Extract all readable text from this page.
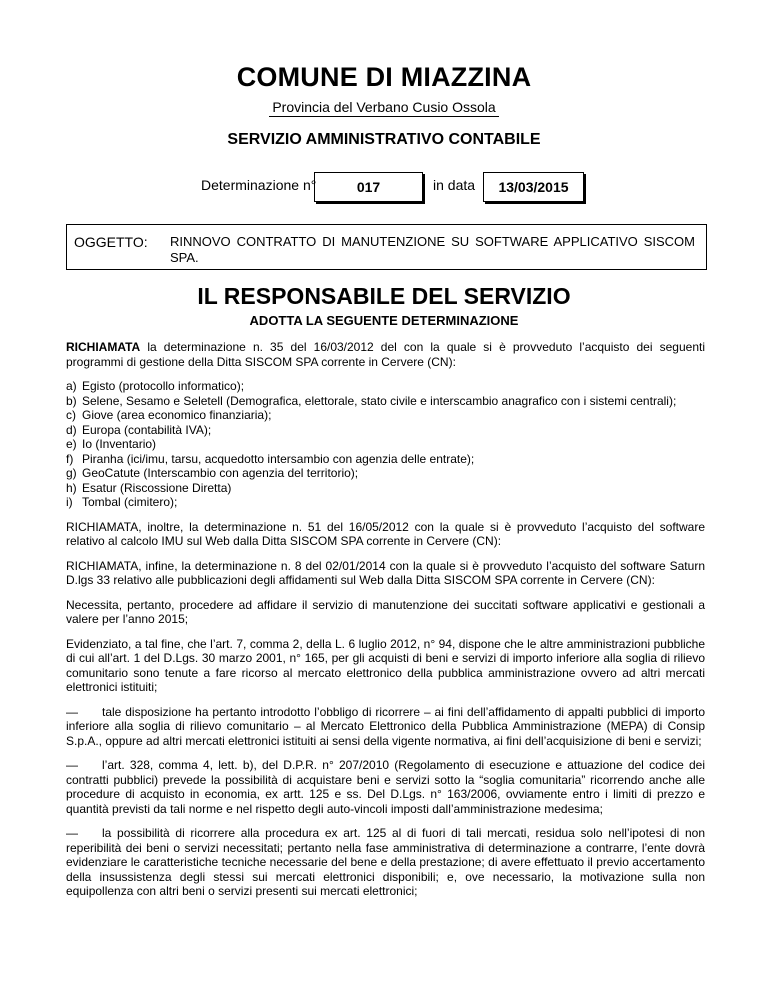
COMUNE DI MIAZZINA
Provincia del Verbano Cusio Ossola
SERVIZIO AMMINISTRATIVO CONTABILE
Determinazione n°	017	in data	13/03/2015
OGGETTO: RINNOVO CONTRATTO DI MANUTENZIONE SU SOFTWARE APPLICATIVO SISCOM SPA.
IL RESPONSABILE DEL SERVIZIO
ADOTTA LA SEGUENTE DETERMINAZIONE

RICHIAMATA la determinazione n. 35 del 16/03/2012 del con la quale si è provveduto l’acquisto dei seguenti programmi di gestione della Ditta SISCOM SPA corrente in Cervere (CN):

a) Egisto (protocollo informatico);
b) Selene, Sesamo e Seletell (Demografica, elettorale, stato civile e interscambio anagrafico con i sistemi centrali);
c) Giove (area economico finanziaria);
d) Europa (contabilità IVA);
e) Io (Inventario)
f) Piranha (ici/imu, tarsu, acquedotto intersambio con agenzia delle entrate);
g) GeoCatute (Interscambio con agenzia del territorio);
h) Esatur (Riscossione Diretta)
i) Tombal (cimitero);

RICHIAMATA, inoltre, la determinazione n. 51 del 16/05/2012 con la quale si è provveduto l’acquisto del software relativo al calcolo IMU sul Web dalla Ditta SISCOM SPA corrente in Cervere (CN):

RICHIAMATA, infine, la determinazione n. 8 del 02/01/2014 con la quale si è provveduto l’acquisto del software Saturn D.lgs 33 relativo alle pubblicazioni degli affidamenti sul Web dalla Ditta SISCOM SPA corrente in Cervere (CN):

Necessita, pertanto, procedere ad affidare il servizio di manutenzione dei succitati software applicativi e gestionali a valere per l’anno 2015;

Evidenziato, a tal fine, che l’art. 7, comma 2, della L. 6 luglio 2012, n° 94, dispone che le altre amministrazioni pubbliche di cui all’art. 1 del D.Lgs. 30 marzo 2001, n° 165, per gli acquisti di beni e servizi di importo inferiore alla soglia di rilievo comunitario sono tenute a fare ricorso al mercato elettronico della pubblica amministrazione ovvero ad altri mercati elettronici istituiti;

— tale disposizione ha pertanto introdotto l’obbligo di ricorrere – ai fini dell’affidamento di appalti pubblici di importo inferiore alla soglia di rilievo comunitario – al Mercato Elettronico della Pubblica Amministrazione (MEPA) di Consip S.p.A., oppure ad altri mercati elettronici istituiti ai sensi della vigente normativa, ai fini dell’acquisizione di beni e servizi;

— l’art. 328, comma 4, lett. b), del D.P.R. n° 207/2010 (Regolamento di esecuzione e attuazione del codice dei contratti pubblici) prevede la possibilità di acquistare beni e servizi sotto la “soglia comunitaria” ricorrendo anche alle procedure di acquisto in economia, ex artt. 125 e ss. Del D.Lgs. n° 163/2006, ovviamente entro i limiti di prezzo e quantità previsti da tali norme e nel rispetto degli auto-vincoli imposti dall’amministrazione medesima;

— la possibilità di ricorrere alla procedura ex art. 125 al di fuori di tali mercati, residua solo nell’ipotesi di non reperibilità dei beni o servizi necessitati; pertanto nella fase amministrativa di determinazione a contrarre, l’ente dovrà evidenziare le caratteristiche tecniche necessarie del bene e della prestazione; di avere effettuato il previo accertamento della insussistenza degli stessi sui mercati elettronici disponibili; e, ove necessario, la motivazione sulla non equipollenza con altri beni o servizi presenti sui mercati elettronici;
